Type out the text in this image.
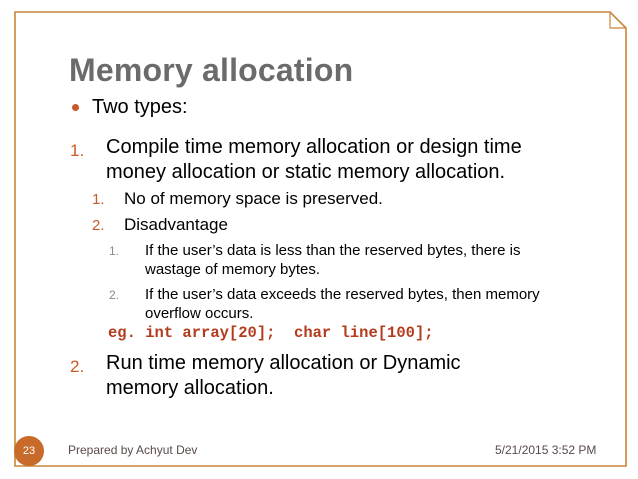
Memory allocation

Two types:

1. Compile time memory allocation or design time

money allocation or static memory allocation.

1. No of memory space is preserved.

2. Disadvantage

1. If the user’s data is less than the reserved bytes, there is wastage of memory bytes.

2. If the user’s data exceeds the reserved bytes, then memory overflow occurs.

eg. int array[20];  char line[100];

2. Run time memory allocation or Dynamic

memory allocation.

23	Prepared by Achyut Dev	5/21/2015 3:52 PM
